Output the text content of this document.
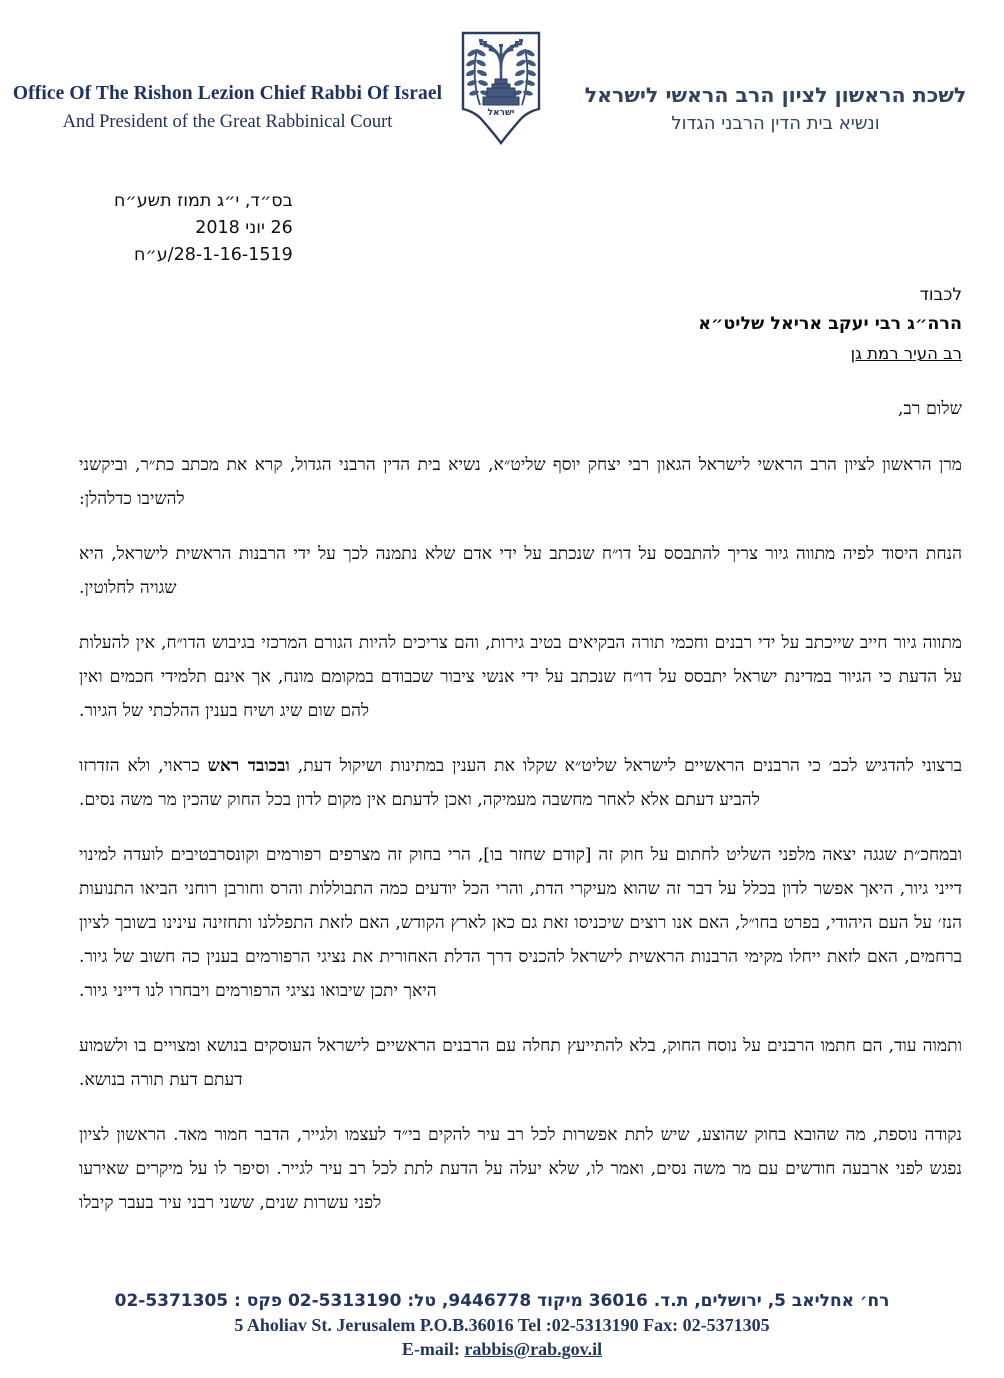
Office Of The Rishon Lezion Chief Rabbi Of Israel
And President of the Great Rabbinical Court	ישראל
לשכת הראשון לציון הרב הראשי לישראל
ונשיא בית הדין הרבני הגדול
בס״ד, י״ג תמוז תשע״ח
26 יוני 2018
28-1-16-1519/ע״ח
לכבוד
הרה״ג רבי יעקב אריאל שליט״א
רב העיר רמת גן
שלום רב,

מרן הראשון לציון הרב הראשי לישראל הגאון רבי יצחק יוסף שליט״א, נשיא בית הדין הרבני הגדול, קרא את מכתב כת״ר, וביקשני להשיבו כדלהלן:

הנחת היסוד לפיה מתווה גיור צריך להתבסס על דו״ח שנכתב על ידי אדם שלא נתמנה לכך על ידי הרבנות הראשית לישראל, היא שגויה לחלוטין.

מתווה גיור חייב שייכתב על ידי רבנים וחכמי תורה הבקיאים בטיב גירות, והם צריכים להיות הגורם המרכזי בגיבוש הדו״ח, אין להעלות על הדעת כי הגיור במדינת ישראל יתבסס על דו״ח שנכתב על ידי אנשי ציבור שכבודם במקומם מונח, אך אינם תלמידי חכמים ואין להם שום שיג ושיח בענין ההלכתי של הגיור.

ברצוני להדגיש לכב׳ כי הרבנים הראשיים לישראל שליט״א שקלו את הענין במתינות ושיקול דעת, ובכובד ראש כראוי, ולא הזדרזו להביע דעתם אלא לאחר מחשבה מעמיקה, ואכן לדעתם אין מקום לדון בכל החוק שהכין מר משה נסים.

ובמחכ״ת שגגה יצאה מלפני השליט לחתום על חוק זה [קודם שחזר בו], הרי בחוק זה מצרפים רפורמים וקונסרבטיבים לועדה למינוי דייני גיור, היאך אפשר לדון בכלל על דבר זה שהוא מעיקרי הדת, והרי הכל יודעים כמה התבוללות והרס וחורבן רוחני הביאו התנועות הנז׳ על העם היהודי, בפרט בחו״ל, האם אנו רוצים שיכניסו זאת גם כאן לארץ הקודש, האם לזאת התפללנו ותחזינה עינינו בשובך לציון ברחמים, האם לזאת ייחלו מקימי הרבנות הראשית לישראל להכניס דרך הדלת האחורית את נציגי הרפורמים בענין כה חשוב של גיור. היאך יתכן שיבואו נציגי הרפורמים ויבחרו לנו דייני גיור.

ותמוה עוד, הם חתמו הרבנים על נוסח החוק, בלא להתייעץ תחלה עם הרבנים הראשיים לישראל העוסקים בנושא ומצויים בו ולשמוע דעתם דעת תורה בנושא.

נקודה נוספת, מה שהובא בחוק שהוצע, שיש לתת אפשרות לכל רב עיר להקים בי״ד לעצמו ולגייר, הדבר חמור מאד. הראשון לציון נפגש לפני ארבעה חודשים עם מר משה נסים, ואמר לו, שלא יעלה על הדעת לתת לכל רב עיר לגייר. וסיפר לו על מיקרים שאירעו לפני עשרות שנים, ששני רבני עיר בעבר קיבלו

רח׳ אחליאב 5, ירושלים, ת.ד. 36016 מיקוד 9446778, טל: 02-5313190 פקס : 02-5371305
5 Aholiav St. Jerusalem P.O.B.36016 Tel :02-5313190 Fax: 02-5371305
E-mail: rabbis@rab.gov.il
